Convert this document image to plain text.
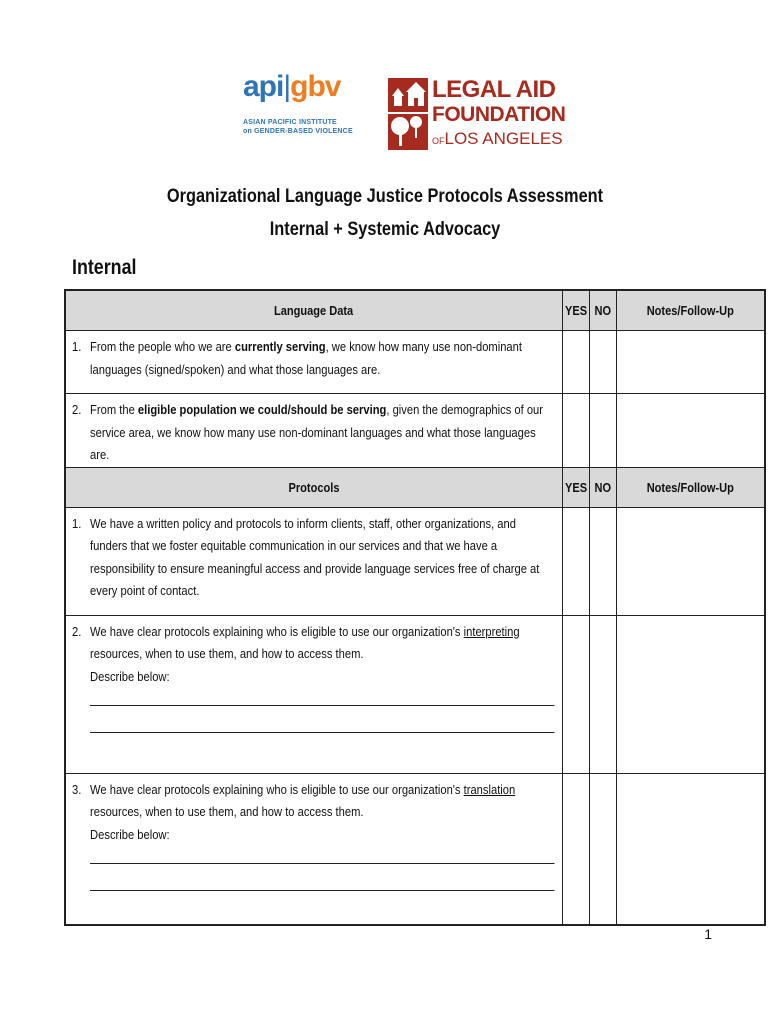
api|gbv
ASIAN PACIFIC INSTITUTE
on GENDER-BASED VIOLENCE
LEGAL AID
FOUNDATION
OFLOS ANGELES
Organizational Language Justice Protocols Assessment
Internal + Systemic Advocacy
Internal
Language Data	YES	NO	Notes/Follow-Up

1. From the people who we are currently serving, we know how many use non-dominant languages (signed/spoken) and what those languages are.			

2. From the eligible population we could/should be serving, given the demographics of our service area, we know how many use non-dominant languages and what those languages are.			

Protocols	YES	NO	Notes/Follow-Up

1. We have a written policy and protocols to inform clients, staff, other organizations, and funders that we foster equitable communication in our services and that we have a responsibility to ensure meaningful access and provide language services free of charge at every point of contact.			

2. We have clear protocols explaining who is eligible to use our organization's interpreting resources, when to use them, and how to access them.
Describe below:			

3. We have clear protocols explaining who is eligible to use our organization's translation resources, when to use them, and how to access them.
Describe below:			

1
